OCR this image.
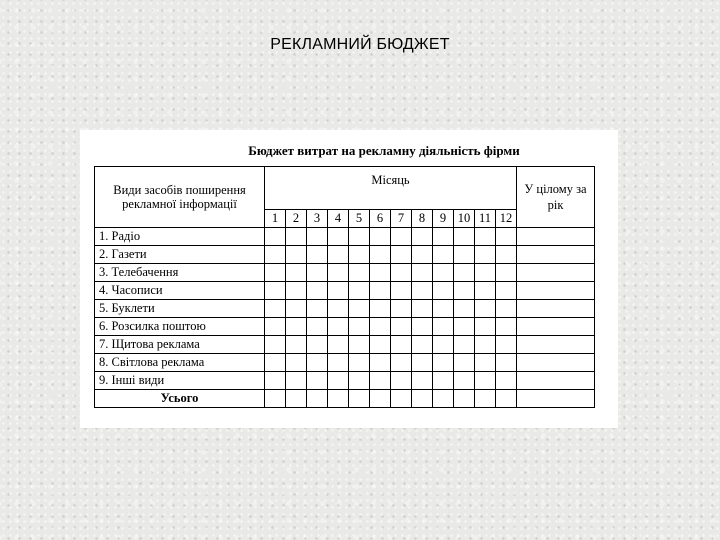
РЕКЛАМНИЙ БЮДЖЕТ
Бюджет витрат на рекламну діяльність фірми
Види засобів поширення рекламної інформації	Місяць												У цілому за рік
	1	2	3	4	5	6	7	8	9	10	11	12	
1. Радіо													
2. Газети													
3. Телебачення													
4. Часописи													
5. Буклети													
6. Розсилка поштою													
7. Щитова реклама													
8. Світлова реклама													
9. Інші види													
Усього													
